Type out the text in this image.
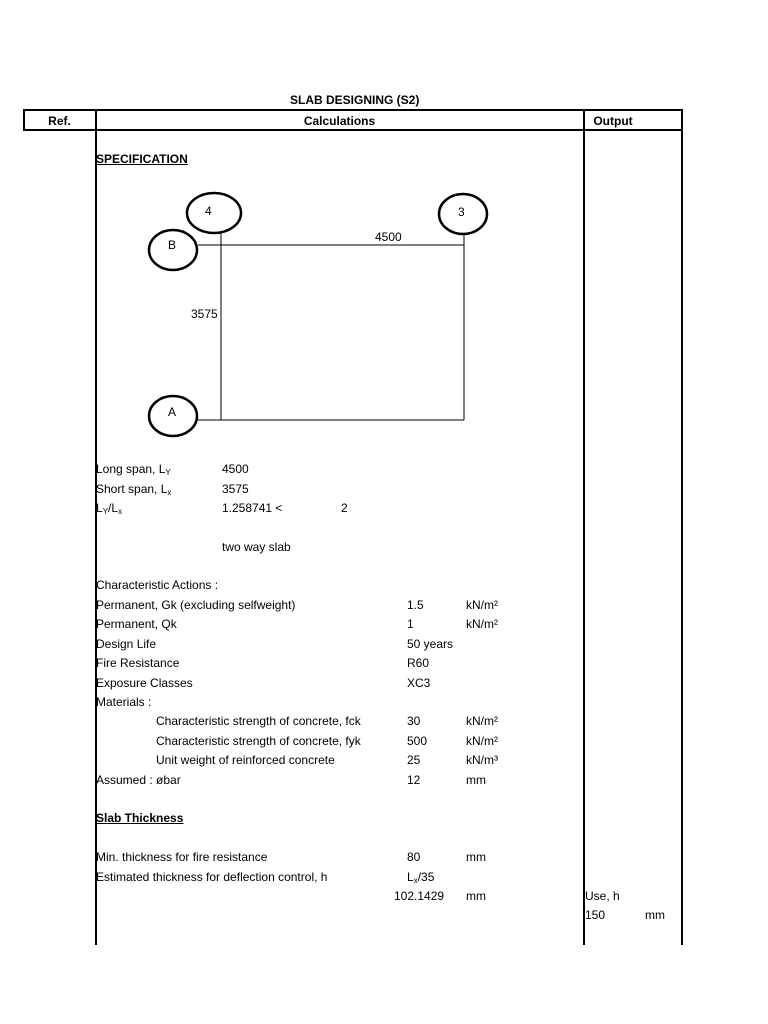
SLAB DESIGNING (S2)
Ref.	Calculations	Output
SPECIFICATION
4	3
B
A
4500
3575
Long span, $L_Y$	4500
Short span, $L_x$	3575
$L_Y/L_x$	1.258741 <	2
two way slab
Characteristic Actions :
Permanent, Gk (excluding selfweight)	1.5	kN/m²
Permanent, Qk	1	kN/m²
Design Life	50 years
Fire Resistance	R60
Exposure Classes	XC3
Materials :
Characteristic strength of concrete, fck	30	kN/m²
Characteristic strength of concrete, fyk	500	kN/m²
Unit weight of reinforced concrete	25	kN/m³
Assumed : øbar	12	mm
Slab Thickness
Min. thickness for fire resistance	80	mm
Estimated thickness for deflection control, h	$L_x/35$
102.1429 mm	Use, h
150	mm
